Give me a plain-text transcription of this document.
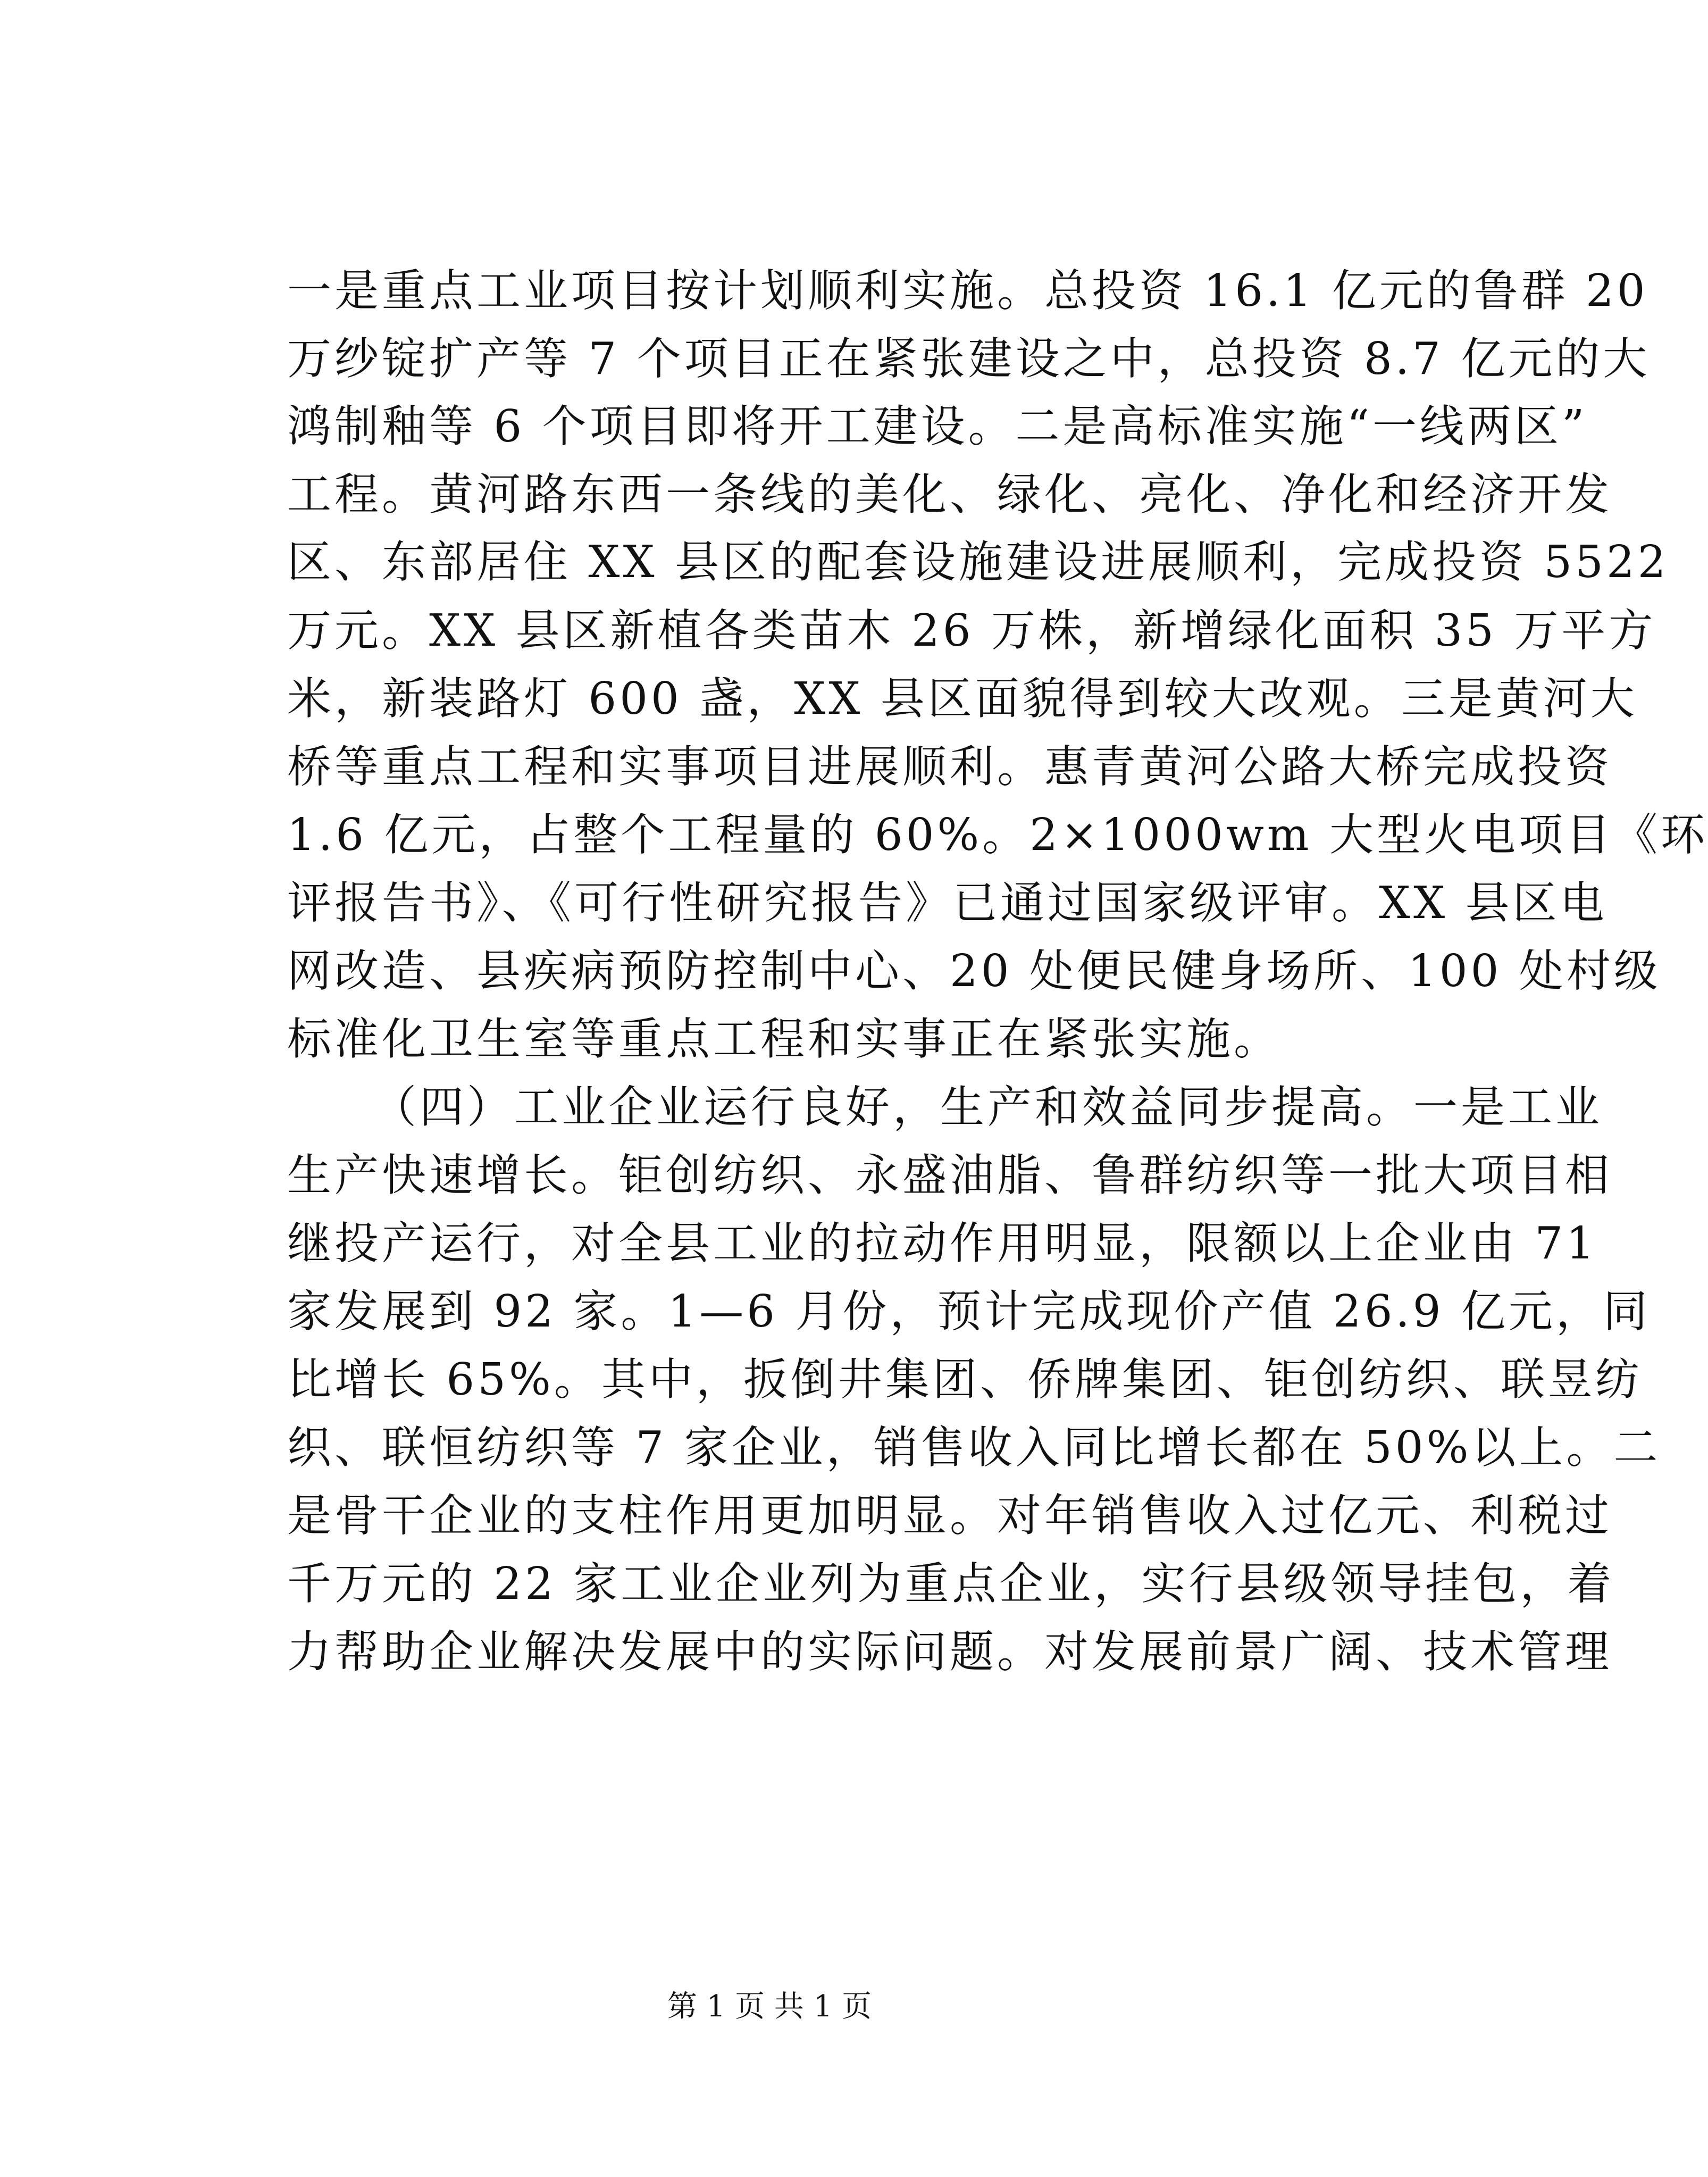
一是重点工业项目按计划顺利实施。总投资 16.1 亿元的鲁群 20
万纱锭扩产等 7 个项目正在紧张建设之中，总投资 8.7 亿元的大
鸿制釉等 6 个项目即将开工建设。二是高标准实施“一线两区”
工程。黄河路东西一条线的美化、绿化、亮化、净化和经济开发
区、东部居住 XX 县区的配套设施建设进展顺利，完成投资 5522
万元。XX 县区新植各类苗木 26 万株，新增绿化面积 35 万平方
米，新装路灯 600 盏，XX 县区面貌得到较大改观。三是黄河大
桥等重点工程和实事项目进展顺利。惠青黄河公路大桥完成投资
1.6 亿元，占整个工程量的 60%。2×1000wm 大型火电项目《环
评报告书》、《可行性研究报告》已通过国家级评审。XX 县区电
网改造、县疾病预防控制中心、20 处便民健身场所、100 处村级
标准化卫生室等重点工程和实事正在紧张实施。
（四）工业企业运行良好，生产和效益同步提高。一是工业
生产快速增长。钜创纺织、永盛油脂、鲁群纺织等一批大项目相
继投产运行，对全县工业的拉动作用明显，限额以上企业由 71
家发展到 92 家。1—6 月份，预计完成现价产值 26.9 亿元，同
比增长 65%。其中，扳倒井集团、侨牌集团、钜创纺织、联昱纺
织、联恒纺织等 7 家企业，销售收入同比增长都在 50%以上。二
是骨干企业的支柱作用更加明显。对年销售收入过亿元、利税过
千万元的 22 家工业企业列为重点企业，实行县级领导挂包，着
力帮助企业解决发展中的实际问题。对发展前景广阔、技术管理
第 1 页 共 1 页
